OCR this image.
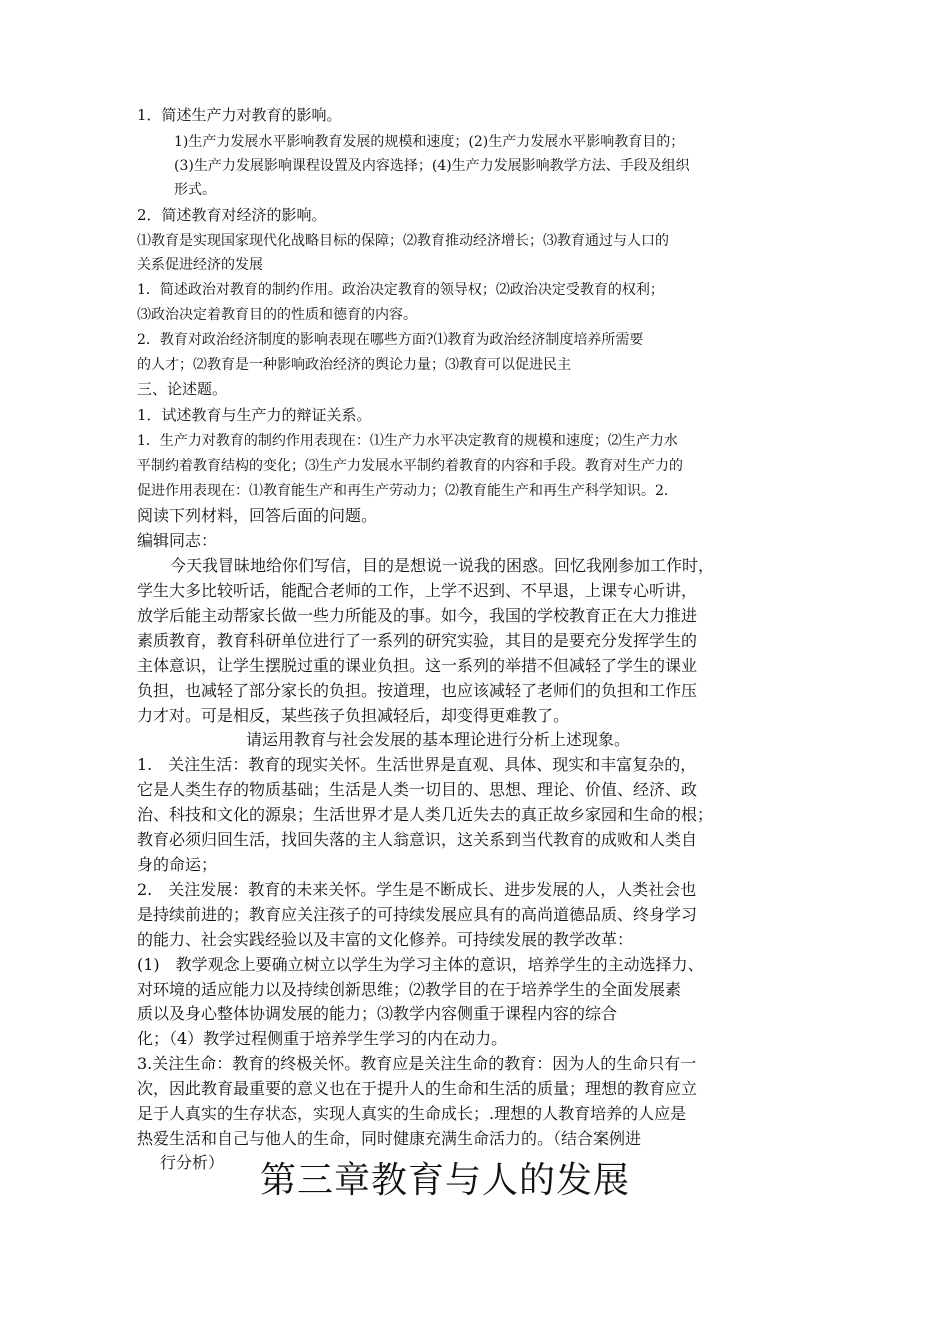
1．简述生产力对教育的影响。
1)生产力发展水平影响教育发展的规模和速度；(2)生产力发展水平影响教育目的；
(3)生产力发展影响课程设置及内容选择；(4)生产力发展影响教学方法、手段及组织
形式。
2．简述教育对经济的影响。
⑴教育是实现国家现代化战略目标的保障；⑵教育推动经济增长；⑶教育通过与人口的
关系促进经济的发展
1．简述政治对教育的制约作用。政治决定教育的领导权；⑵政治决定受教育的权利；
⑶政治决定着教育目的的性质和德育的内容。
2．教育对政治经济制度的影响表现在哪些方面?⑴教育为政治经济制度培养所需要
的人才；⑵教育是一种影响政治经济的舆论力量；⑶教育可以促进民主
三、论述题。
1．试述教育与生产力的辩证关系。
1．生产力对教育的制约作用表现在：⑴生产力水平决定教育的规模和速度；⑵生产力水
平制约着教育结构的变化；⑶生产力发展水平制约着教育的内容和手段。教育对生产力的
促进作用表现在：⑴教育能生产和再生产劳动力；⑵教育能生产和再生产科学知识。2．
阅读下列材料，回答后面的问题。
编辑同志：
今天我冒昧地给你们写信，目的是想说一说我的困惑。回忆我刚参加工作时，
学生大多比较听话，能配合老师的工作，上学不迟到、不早退，上课专心听讲，
放学后能主动帮家长做一些力所能及的事。如今，我国的学校教育正在大力推进
素质教育，教育科研单位进行了一系列的研究实验，其目的是要充分发挥学生的
主体意识，让学生摆脱过重的课业负担。这一系列的举措不但减轻了学生的课业
负担，也减轻了部分家长的负担。按道理，也应该减轻了老师们的负担和工作压
力才对。可是相反，某些孩子负担减轻后，却变得更难教了。
请运用教育与社会发展的基本理论进行分析上述现象。
1.　关注生活：教育的现实关怀。生活世界是直观、具体、现实和丰富复杂的，
它是人类生存的物质基础；生活是人类一切目的、思想、理论、价值、经济、政
治、科技和文化的源泉；生活世界才是人类几近失去的真正故乡家园和生命的根；
教育必须归回生活，找回失落的主人翁意识，这关系到当代教育的成败和人类自
身的命运；
2.　关注发展：教育的未来关怀。学生是不断成长、进步发展的人，人类社会也
是持续前进的；教育应关注孩子的可持续发展应具有的高尚道德品质、终身学习
的能力、社会实践经验以及丰富的文化修养。可持续发展的教学改革：
(1)　教学观念上要确立树立以学生为学习主体的意识，培养学生的主动选择力、
对环境的适应能力以及持续创新思维；⑵教学目的在于培养学生的全面发展素
质以及身心整体协调发展的能力；⑶教学内容侧重于课程内容的综合
化；（4）教学过程侧重于培养学生学习的内在动力。
3.关注生命：教育的终极关怀。教育应是关注生命的教育：因为人的生命只有一
次，因此教育最重要的意义也在于提升人的生命和生活的质量；理想的教育应立
足于人真实的生存状态，实现人真实的生命成长；.理想的人教育培养的人应是
热爱生活和自己与他人的生命，同时健康充满生命活力的。（结合案例进
行分析） 第三章教育与人的发展
